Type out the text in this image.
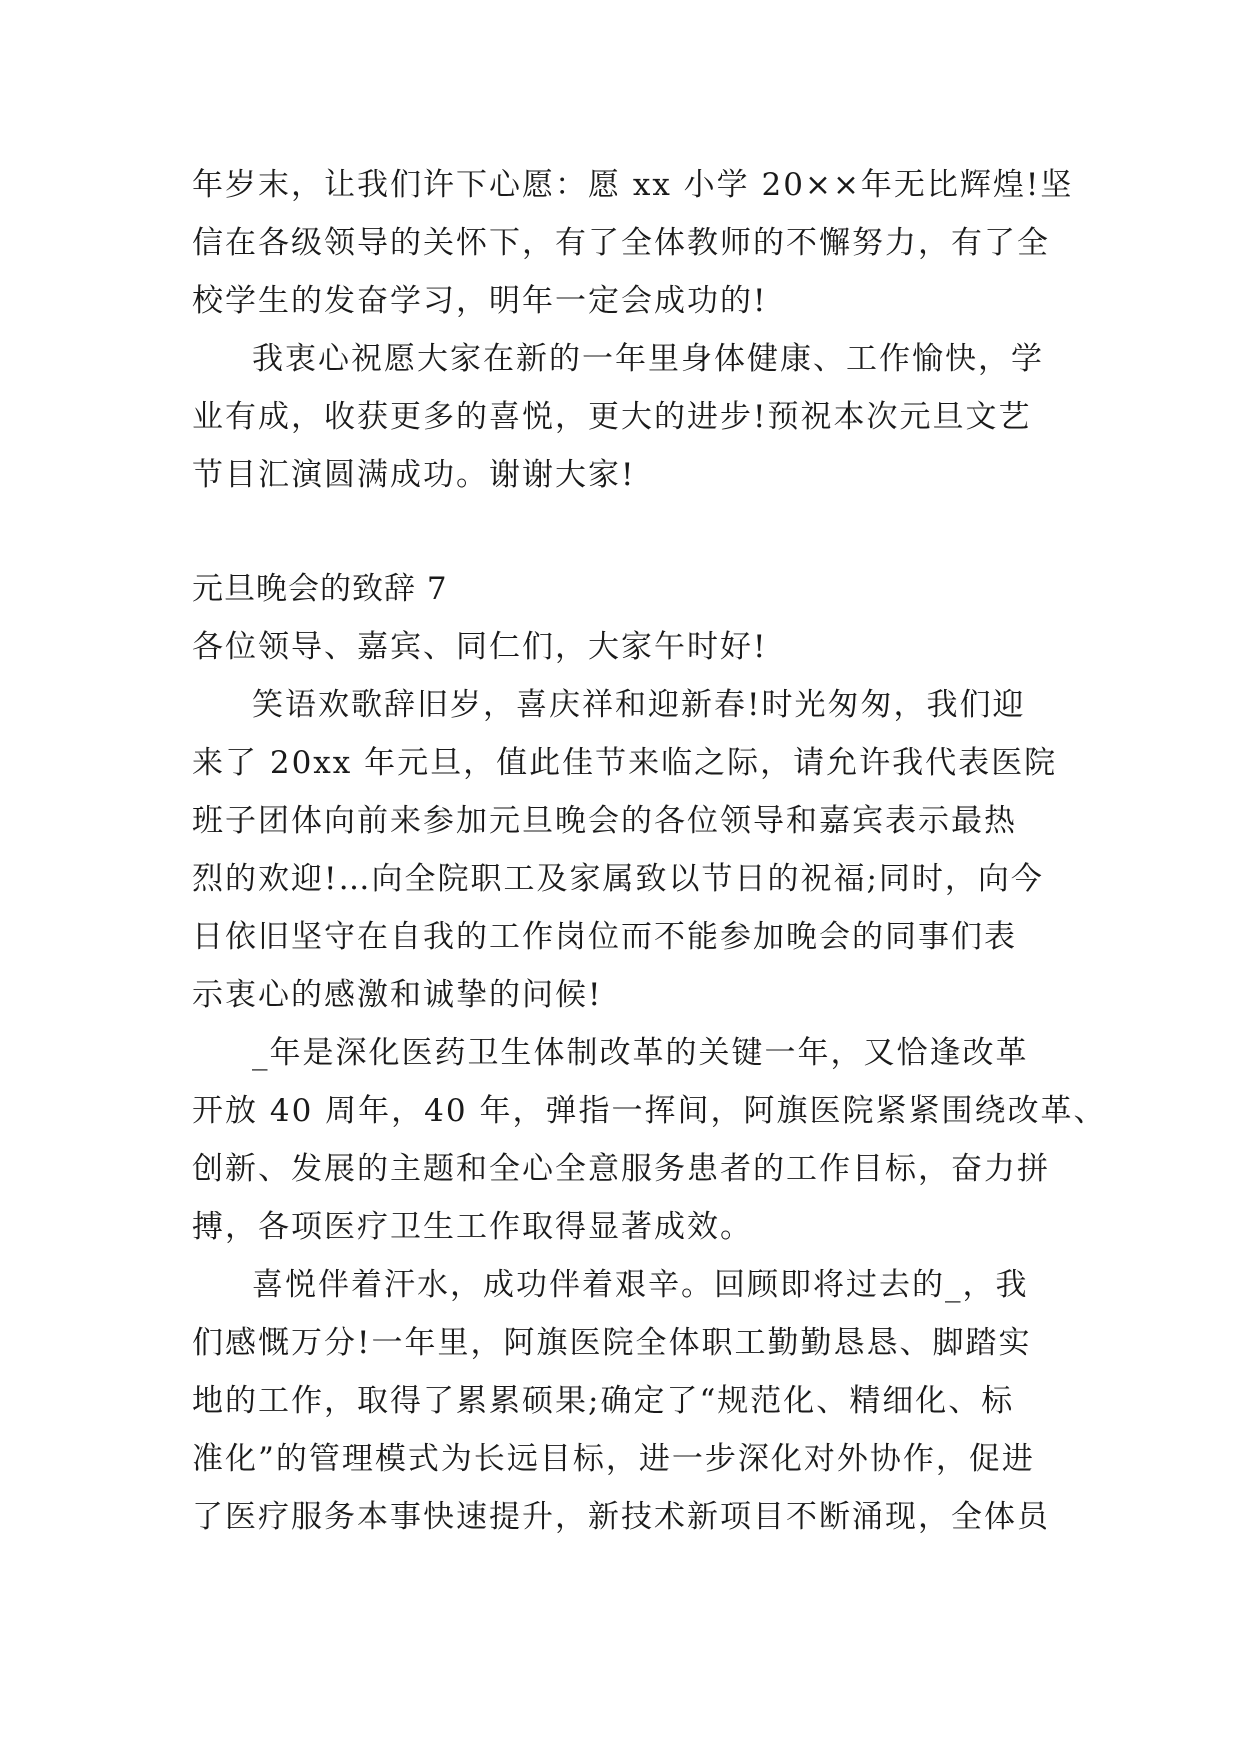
年岁末，让我们许下心愿：愿 xx 小学 20××年无比辉煌!坚
信在各级领导的关怀下，有了全体教师的不懈努力，有了全
校学生的发奋学习，明年一定会成功的!
我衷心祝愿大家在新的一年里身体健康、工作愉快，学
业有成，收获更多的喜悦，更大的进步!预祝本次元旦文艺
节目汇演圆满成功。谢谢大家!
元旦晚会的致辞 7
各位领导、嘉宾、同仁们，大家午时好!
笑语欢歌辞旧岁，喜庆祥和迎新春!时光匆匆，我们迎
来了 20xx 年元旦，值此佳节来临之际，请允许我代表医院
班子团体向前来参加元旦晚会的各位领导和嘉宾表示最热
烈的欢迎!…向全院职工及家属致以节日的祝福;同时，向今
日依旧坚守在自我的工作岗位而不能参加晚会的同事们表
示衷心的感激和诚挚的问候!
_年是深化医药卫生体制改革的关键一年，又恰逢改革
开放 40 周年，40 年，弹指一挥间，阿旗医院紧紧围绕改革、
创新、发展的主题和全心全意服务患者的工作目标，奋力拼
搏，各项医疗卫生工作取得显著成效。
喜悦伴着汗水，成功伴着艰辛。回顾即将过去的_，我
们感慨万分!一年里，阿旗医院全体职工勤勤恳恳、脚踏实
地的工作，取得了累累硕果;确定了“规范化、精细化、标
准化”的管理模式为长远目标，进一步深化对外协作，促进
了医疗服务本事快速提升，新技术新项目不断涌现，全体员
